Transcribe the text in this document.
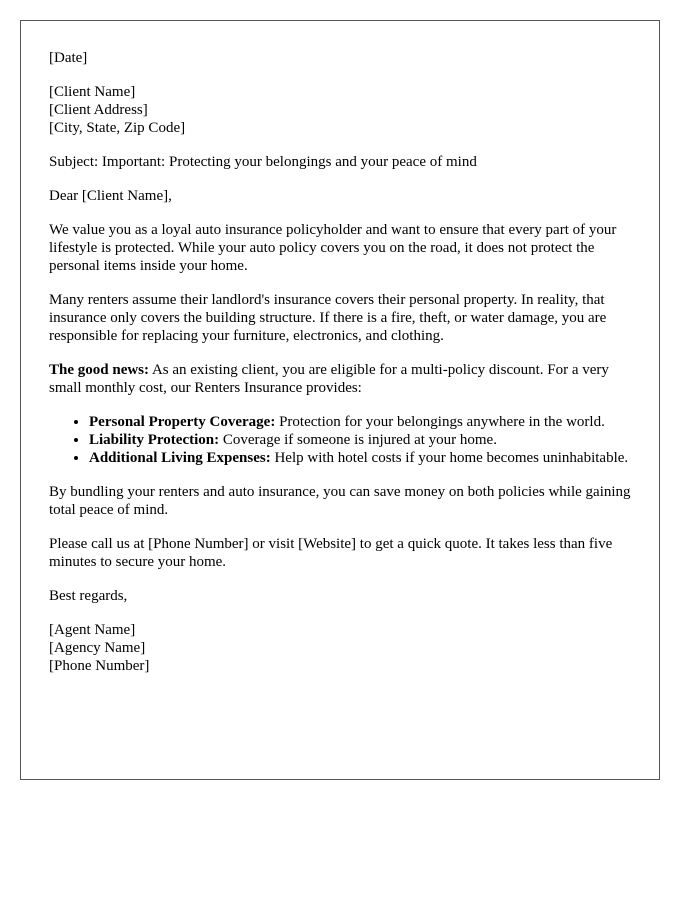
[Date]

[Client Name]
[Client Address]
[City, State, Zip Code]

Subject: Important: Protecting your belongings and your peace of mind

Dear [Client Name],

We value you as a loyal auto insurance policyholder and want to ensure that every part of your lifestyle is protected. While your auto policy covers you on the road, it does not protect the personal items inside your home.

Many renters assume their landlord's insurance covers their personal property. In reality, that insurance only covers the building structure. If there is a fire, theft, or water damage, you are responsible for replacing your furniture, electronics, and clothing.

The good news: As an existing client, you are eligible for a multi-policy discount. For a very small monthly cost, our Renters Insurance provides:

• Personal Property Coverage: Protection for your belongings anywhere in the world.
• Liability Protection: Coverage if someone is injured at your home.
• Additional Living Expenses: Help with hotel costs if your home becomes uninhabitable.

By bundling your renters and auto insurance, you can save money on both policies while gaining total peace of mind.

Please call us at [Phone Number] or visit [Website] to get a quick quote. It takes less than five minutes to secure your home.

Best regards,

[Agent Name]
[Agency Name]
[Phone Number]
